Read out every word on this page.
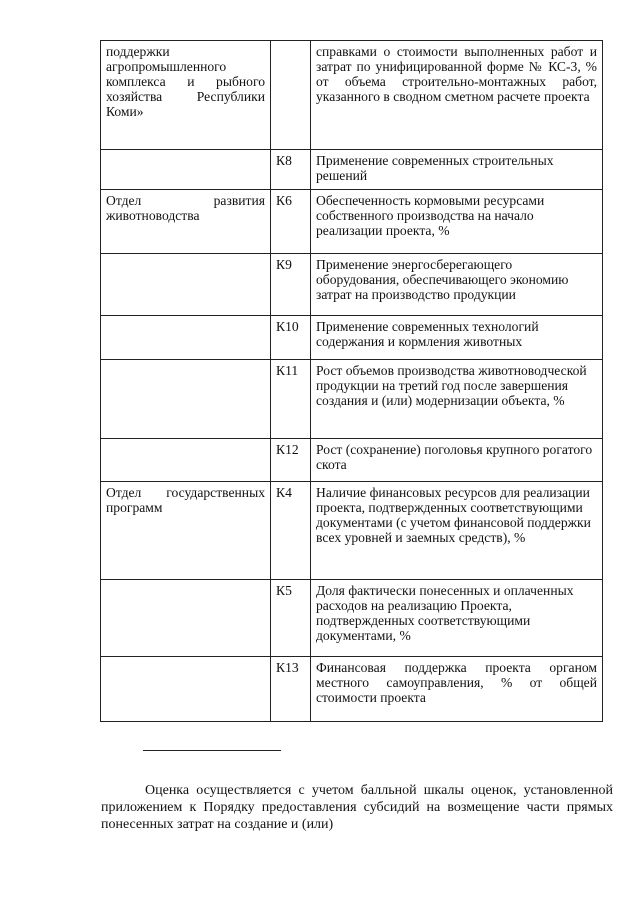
поддержки агропромышленного комплекса и рыбного хозяйства Республики Коми»		справками о стоимости выполненных работ и затрат по унифицированной форме № КС-3, % от объема строительно-монтажных работ, указанного в сводном сметном расчете проекта

	К8	Применение современных строительных решений

Отдел развития животноводства	К6	Обеспеченность кормовыми ресурсами собственного производства на начало реализации проекта, %

	К9	Применение энергосберегающего оборудования, обеспечивающего экономию затрат на производство продукции

	К10	Применение современных технологий содержания и кормления животных

	К11	Рост объемов производства животноводческой продукции на третий год после завершения создания и (или) модернизации объекта, %

	К12	Рост (сохранение) поголовья крупного рогатого скота

Отдел государственных программ	К4	Наличие финансовых ресурсов для реализации проекта, подтвержденных соответствующими документами (с учетом финансовой поддержки всех уровней и заемных средств), %

	К5	Доля фактически понесенных и оплаченных расходов на реализацию Проекта, подтвержденных соответствующими документами, %

	К13	Финансовая поддержка проекта органом местного самоуправления, % от общей стоимости проекта

Оценка осуществляется с учетом балльной шкалы оценок, установленной приложением к Порядку предоставления субсидий на возмещение части прямых понесенных затрат на создание и (или)
